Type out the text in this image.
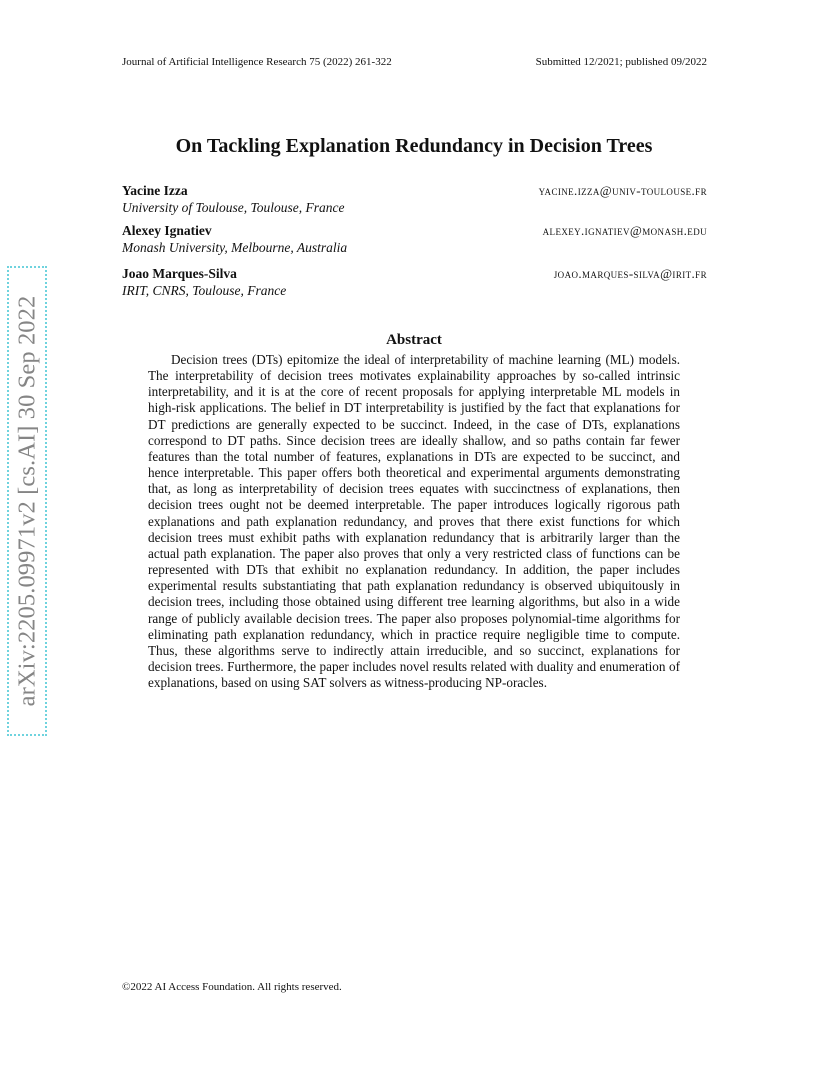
Journal of Artificial Intelligence Research 75 (2022) 261-322	Submitted 12/2021; published 09/2022
arXiv:2205.09971v2 [cs.AI] 30 Sep 2022
On Tackling Explanation Redundancy in Decision Trees
Yacine Izza	yacine.izza@univ-toulouse.fr
University of Toulouse, Toulouse, France
Alexey Ignatiev	alexey.ignatiev@monash.edu
Monash University, Melbourne, Australia
Joao Marques-Silva	joao.marques-silva@irit.fr
IRIT, CNRS, Toulouse, France
Abstract

Decision trees (DTs) epitomize the ideal of interpretability of machine learning (ML) models. The interpretability of decision trees motivates explainability approaches by so-called intrinsic interpretability, and it is at the core of recent proposals for applying interpretable ML models in high-risk applications. The belief in DT interpretability is justified by the fact that explanations for DT predictions are generally expected to be succinct. Indeed, in the case of DTs, explanations correspond to DT paths. Since decision trees are ideally shallow, and so paths contain far fewer features than the total number of features, explanations in DTs are expected to be succinct, and hence interpretable. This paper offers both theoretical and experimental arguments demonstrating that, as long as interpretability of decision trees equates with succinctness of explanations, then decision trees ought not be deemed interpretable. The paper introduces logically rigorous path explanations and path explanation redundancy, and proves that there exist functions for which decision trees must exhibit paths with explanation redundancy that is arbitrarily larger than the actual path explanation. The paper also proves that only a very restricted class of functions can be represented with DTs that exhibit no explanation redundancy. In addition, the paper includes experimental results substantiating that path explanation redundancy is observed ubiquitously in decision trees, including those obtained using different tree learning algorithms, but also in a wide range of publicly available decision trees. The paper also proposes polynomial-time algorithms for eliminating path explanation redundancy, which in practice require negligible time to compute. Thus, these algorithms serve to indirectly attain irreducible, and so succinct, explanations for decision trees. Furthermore, the paper includes novel results related with duality and enumeration of explanations, based on using SAT solvers as witness-producing NP-oracles.

©2022 AI Access Foundation. All rights reserved.
